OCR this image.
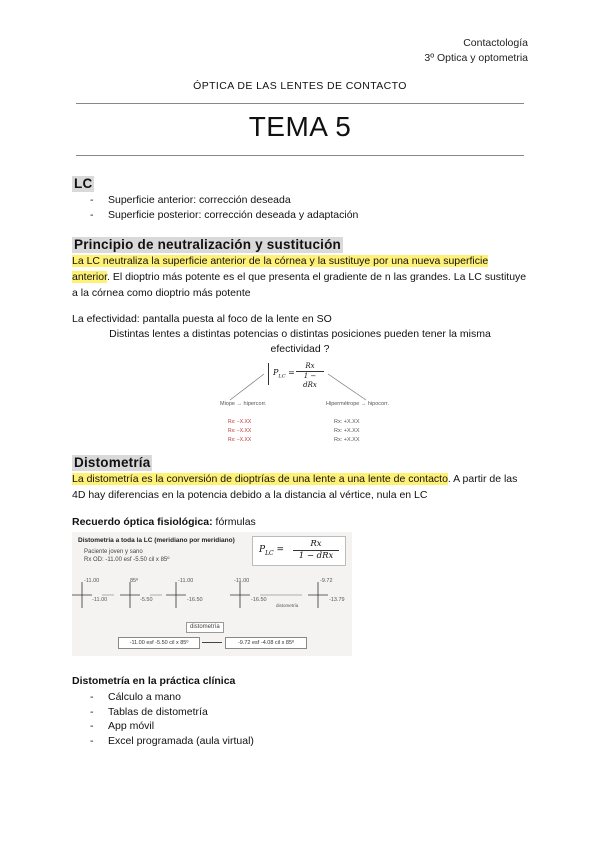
Contactología
3º Optica y optometria
ÓPTICA DE LAS LENTES DE CONTACTO
TEMA 5
LC
- Superficie anterior: corrección deseada
- Superficie posterior: corrección deseada y adaptación
Principio de neutralización y sustitución
La LC neutraliza la superficie anterior de la córnea y la sustituye por una nueva superficie anterior. El dioptrio más potente es el que presenta el gradiente de n las grandes. La LC sustituye a la córnea como dioptrio más potente
La efectividad: pantalla puesta al foco de la lente en SO
Distintas lentes a distintas potencias o distintas posiciones pueden tener la misma efectividad ?
$P_{LC}$ =
Rx
1 − dRx
Miope → hipercorr.	Hipermétrope → hipocorr.
Rx: −X.XX
Rx: −X.XX
Rx: −X.XX
Rx: +X.XX
Rx: +X.XX
Rx: +X.XX
Distometría
La distometría es la conversión de dioptrías de una lente a una lente de contacto. A partir de las 4D hay diferencias en la potencia debido a la distancia al vértice, nula en LC
Recuerdo óptica fisiológica: fórmulas
Distometría a toda la LC (meridiano por meridiano)
Paciente joven y sano
Rx OD: -11.00 esf -5.50 cil x 85º
$P_{LC}$ =
Rx
1 − dRx
-11.00	85º	-11.00	-11.00	-9.72
-11.00	-5.50	-16.50	-16.50	-13.79
distometría
distometría
-11.00 esf -5.50 cil x 85º	-9.72 esf -4.08 cil x 85º
Distometría en la práctica clínica
- Cálculo a mano
- Tablas de distometría
- App móvil
- Excel programada (aula virtual)
